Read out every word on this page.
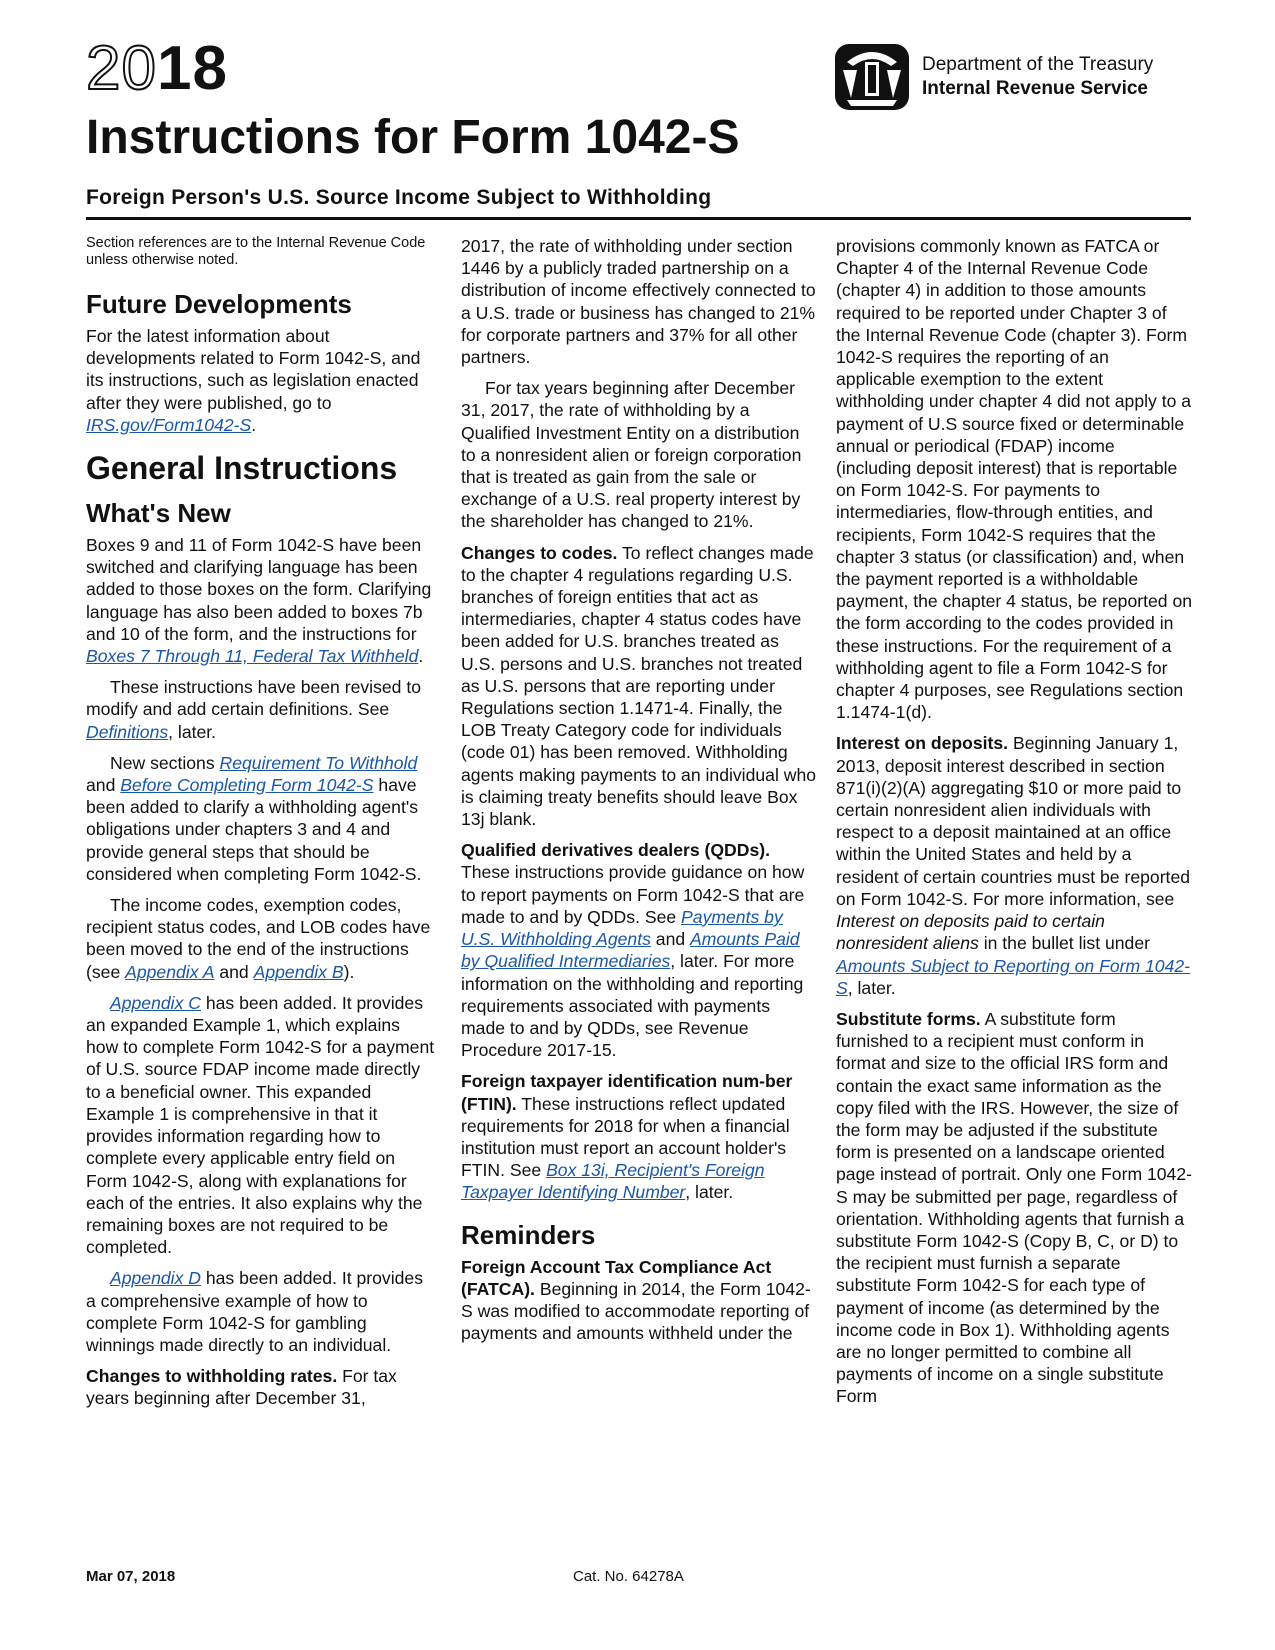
2018	Department of the Treasury
Internal Revenue Service
Instructions for Form 1042-S
Foreign Person's U.S. Source Income Subject to Withholding

Section references are to the Internal Revenue Code unless otherwise noted.

Future Developments

For the latest information about developments related to Form 1042-S, and its instructions, such as legislation enacted after they were published, go to IRS.gov/Form1042-S.

General Instructions
What's New

Boxes 9 and 11 of Form 1042-S have been switched and clarifying language has been added to those boxes on the form. Clarifying language has also been added to boxes 7b and 10 of the form, and the instructions for Boxes 7 Through 11, Federal Tax Withheld.

These instructions have been revised to modify and add certain definitions. See Definitions, later.

New sections Requirement To Withhold and Before Completing Form 1042-S have been added to clarify a withholding agent's obligations under chapters 3 and 4 and provide general steps that should be considered when completing Form 1042-S.

The income codes, exemption codes, recipient status codes, and LOB codes have been moved to the end of the instructions (see Appendix A and Appendix B).

Appendix C has been added. It provides an expanded Example 1, which explains how to complete Form 1042-S for a payment of U.S. source FDAP income made directly to a beneficial owner. This expanded Example 1 is comprehensive in that it provides information regarding how to complete every applicable entry field on Form 1042-S, along with explanations for each of the entries. It also explains why the remaining boxes are not required to be completed.

Appendix D has been added. It provides a comprehensive example of how to complete Form 1042-S for gambling winnings made directly to an individual.

Changes to withholding rates. For tax years beginning after December 31,

2017, the rate of withholding under section 1446 by a publicly traded partnership on a distribution of income effectively connected to a U.S. trade or business has changed to 21% for corporate partners and 37% for all other partners.

For tax years beginning after December 31, 2017, the rate of withholding by a Qualified Investment Entity on a distribution to a nonresident alien or foreign corporation that is treated as gain from the sale or exchange of a U.S. real property interest by the shareholder has changed to 21%.

Changes to codes. To reflect changes made to the chapter 4 regulations regarding U.S. branches of foreign entities that act as intermediaries, chapter 4 status codes have been added for U.S. branches treated as U.S. persons and U.S. branches not treated as U.S. persons that are reporting under Regulations section 1.1471-4. Finally, the LOB Treaty Category code for individuals (code 01) has been removed. Withholding agents making payments to an individual who is claiming treaty benefits should leave Box 13j blank.

Qualified derivatives dealers (QDDs). These instructions provide guidance on how to report payments on Form 1042-S that are made to and by QDDs. See Payments by U.S. Withholding Agents and Amounts Paid by Qualified Intermediaries, later. For more information on the withholding and reporting requirements associated with payments made to and by QDDs, see Revenue Procedure 2017-15.

Foreign taxpayer identification num-ber (FTIN). These instructions reflect updated requirements for 2018 for when a financial institution must report an account holder's FTIN. See Box 13i, Recipient's Foreign Taxpayer Identifying Number, later.

Reminders

Foreign Account Tax Compliance Act (FATCA). Beginning in 2014, the Form 1042-S was modified to accommodate reporting of payments and amounts withheld under the

provisions commonly known as FATCA or Chapter 4 of the Internal Revenue Code (chapter 4) in addition to those amounts required to be reported under Chapter 3 of the Internal Revenue Code (chapter 3). Form 1042-S requires the reporting of an applicable exemption to the extent withholding under chapter 4 did not apply to a payment of U.S source fixed or determinable annual or periodical (FDAP) income (including deposit interest) that is reportable on Form 1042-S. For payments to intermediaries, flow-through entities, and recipients, Form 1042-S requires that the chapter 3 status (or classification) and, when the payment reported is a withholdable payment, the chapter 4 status, be reported on the form according to the codes provided in these instructions. For the requirement of a withholding agent to file a Form 1042-S for chapter 4 purposes, see Regulations section 1.1474-1(d).

Interest on deposits. Beginning January 1, 2013, deposit interest described in section 871(i)(2)(A) aggregating $10 or more paid to certain nonresident alien individuals with respect to a deposit maintained at an office within the United States and held by a resident of certain countries must be reported on Form 1042-S. For more information, see Interest on deposits paid to certain nonresident aliens in the bullet list under Amounts Subject to Reporting on Form 1042-S, later.

Substitute forms. A substitute form furnished to a recipient must conform in format and size to the official IRS form and contain the exact same information as the copy filed with the IRS. However, the size of the form may be adjusted if the substitute form is presented on a landscape oriented page instead of portrait. Only one Form 1042-S may be submitted per page, regardless of orientation. Withholding agents that furnish a substitute Form 1042-S (Copy B, C, or D) to the recipient must furnish a separate substitute Form 1042-S for each type of payment of income (as determined by the income code in Box 1). Withholding agents are no longer permitted to combine all payments of income on a single substitute Form

Mar 07, 2018	Cat. No. 64278A
